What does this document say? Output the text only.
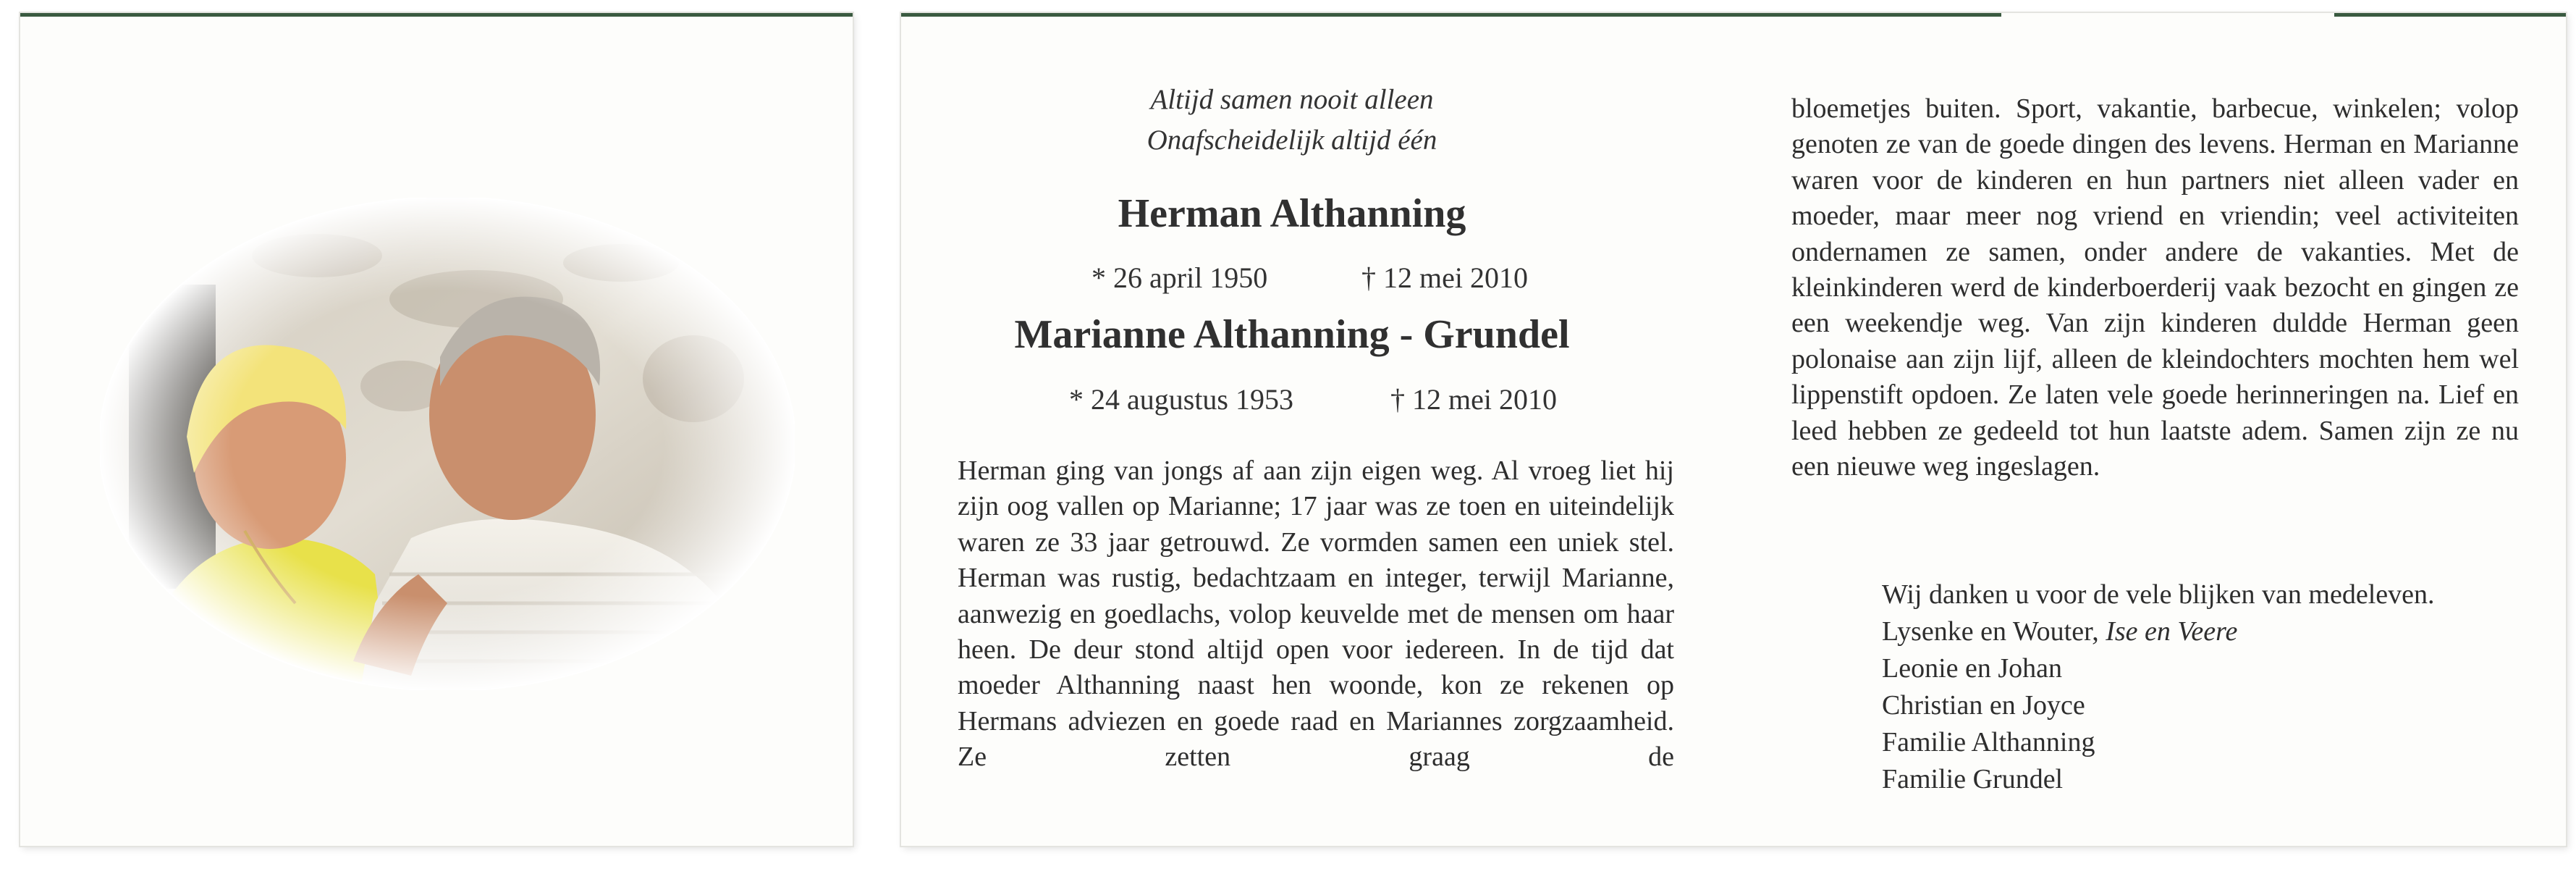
Altijd samen nooit alleen
Onafscheidelijk altijd één
Herman Althanning
* 26 april 1950	† 12 mei 2010
Marianne Althanning - Grundel
* 24 augustus 1953	† 12 mei 2010

Herman ging van jongs af aan zijn eigen weg. Al vroeg liet hij zijn oog vallen op Marianne; 17 jaar was ze toen en uiteindelijk waren ze 33 jaar getrouwd. Ze vormden samen een uniek stel. Herman was rustig, bedachtzaam en integer, terwijl Marianne, aanwezig en goedlachs, volop keuvelde met de mensen om haar heen. De deur stond altijd open voor iedereen. In de tijd dat moeder Althanning naast hen woonde, kon ze rekenen op Hermans adviezen en goede raad en Mariannes zorgzaamheid. Ze zetten graag de

bloemetjes buiten. Sport, vakantie, barbecue, winkelen; volop genoten ze van de goede dingen des levens. Herman en Marianne waren voor de kinderen en hun partners niet alleen vader en moeder, maar meer nog vriend en vriendin; veel activiteiten ondernamen ze samen, onder andere de vakanties. Met de kleinkinderen werd de kinderboerderij vaak bezocht en gingen ze een weekendje weg. Van zijn kinderen duldde Herman geen polonaise aan zijn lijf, alleen de kleindochters mochten hem wel lippenstift opdoen. Ze laten vele goede herinneringen na. Lief en leed hebben ze gedeeld tot hun laatste adem. Samen zijn ze nu een nieuwe weg ingeslagen.

Wij danken u voor de vele blijken van medeleven.
Lysenke en Wouter, Ise en Veere
Leonie en Johan
Christian en Joyce
Familie Althanning
Familie Grundel
